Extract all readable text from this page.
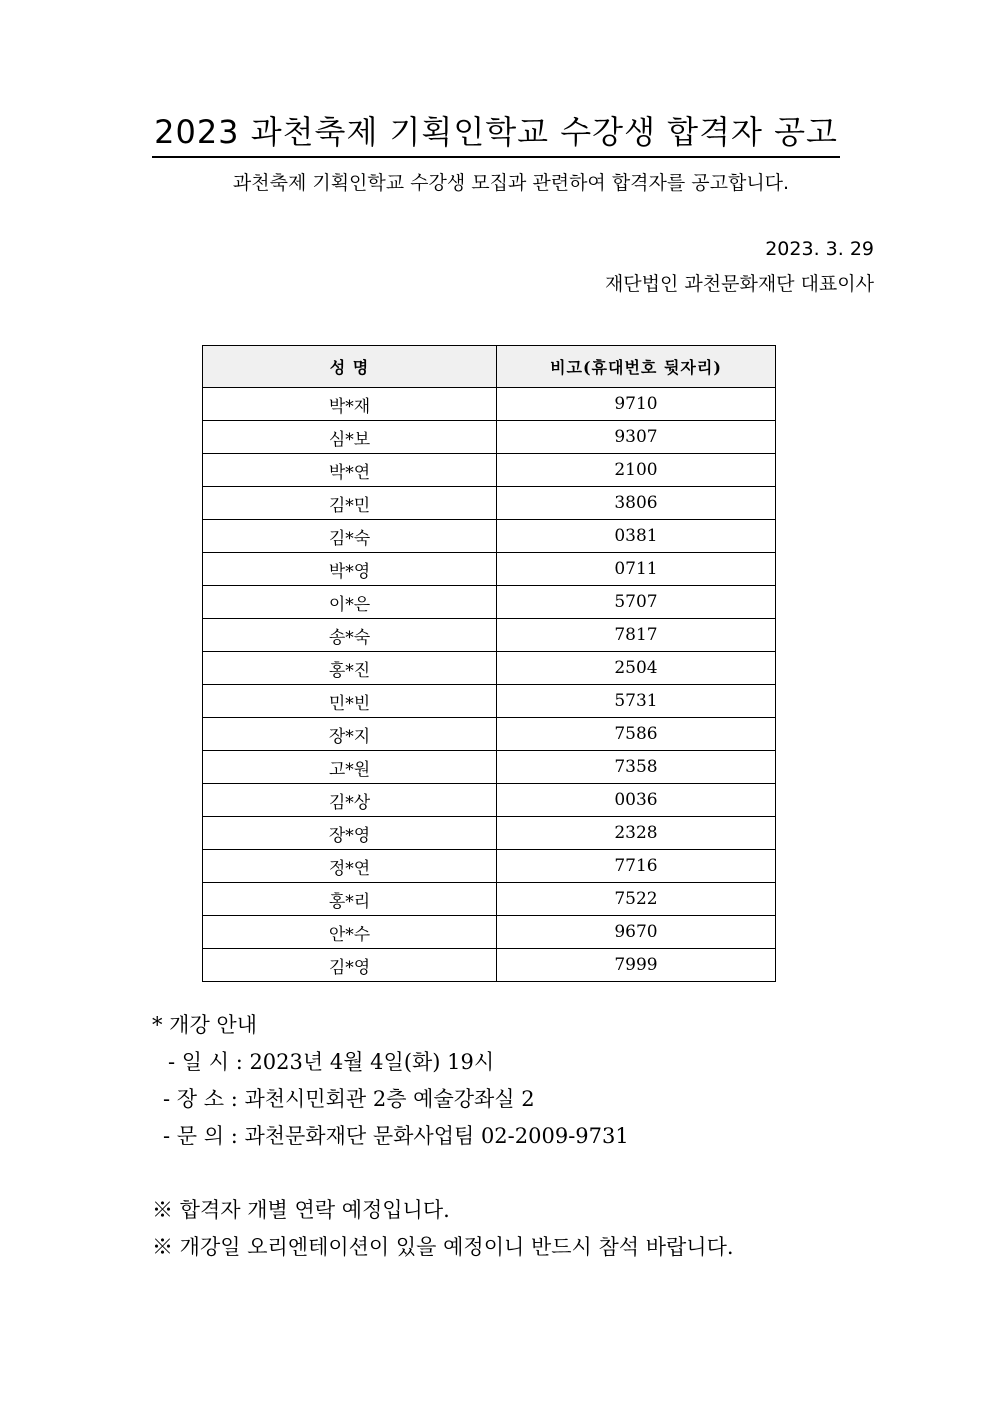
2023 과천축제 기획인학교 수강생 합격자 공고
과천축제 기획인학교 수강생 모집과 관련하여 합격자를 공고합니다.
2023. 3. 29
재단법인 과천문화재단 대표이사
성 명	비고(휴대번호 뒷자리)
박*재	9710
심*보	9307
박*연	2100
김*민	3806
김*숙	0381
박*영	0711
이*은	5707
송*숙	7817
홍*진	2504
민*빈	5731
장*지	7586
고*원	7358
김*상	0036
장*영	2328
정*연	7716
홍*리	7522
안*수	9670
김*영	7999
* 개강 안내
- 일 시 : 2023년 4월 4일(화) 19시
- 장 소 : 과천시민회관 2층 예술강좌실 2
- 문 의 : 과천문화재단 문화사업팀 02-2009-9731
※ 합격자 개별 연락 예정입니다.
※ 개강일 오리엔테이션이 있을 예정이니 반드시 참석 바랍니다.
